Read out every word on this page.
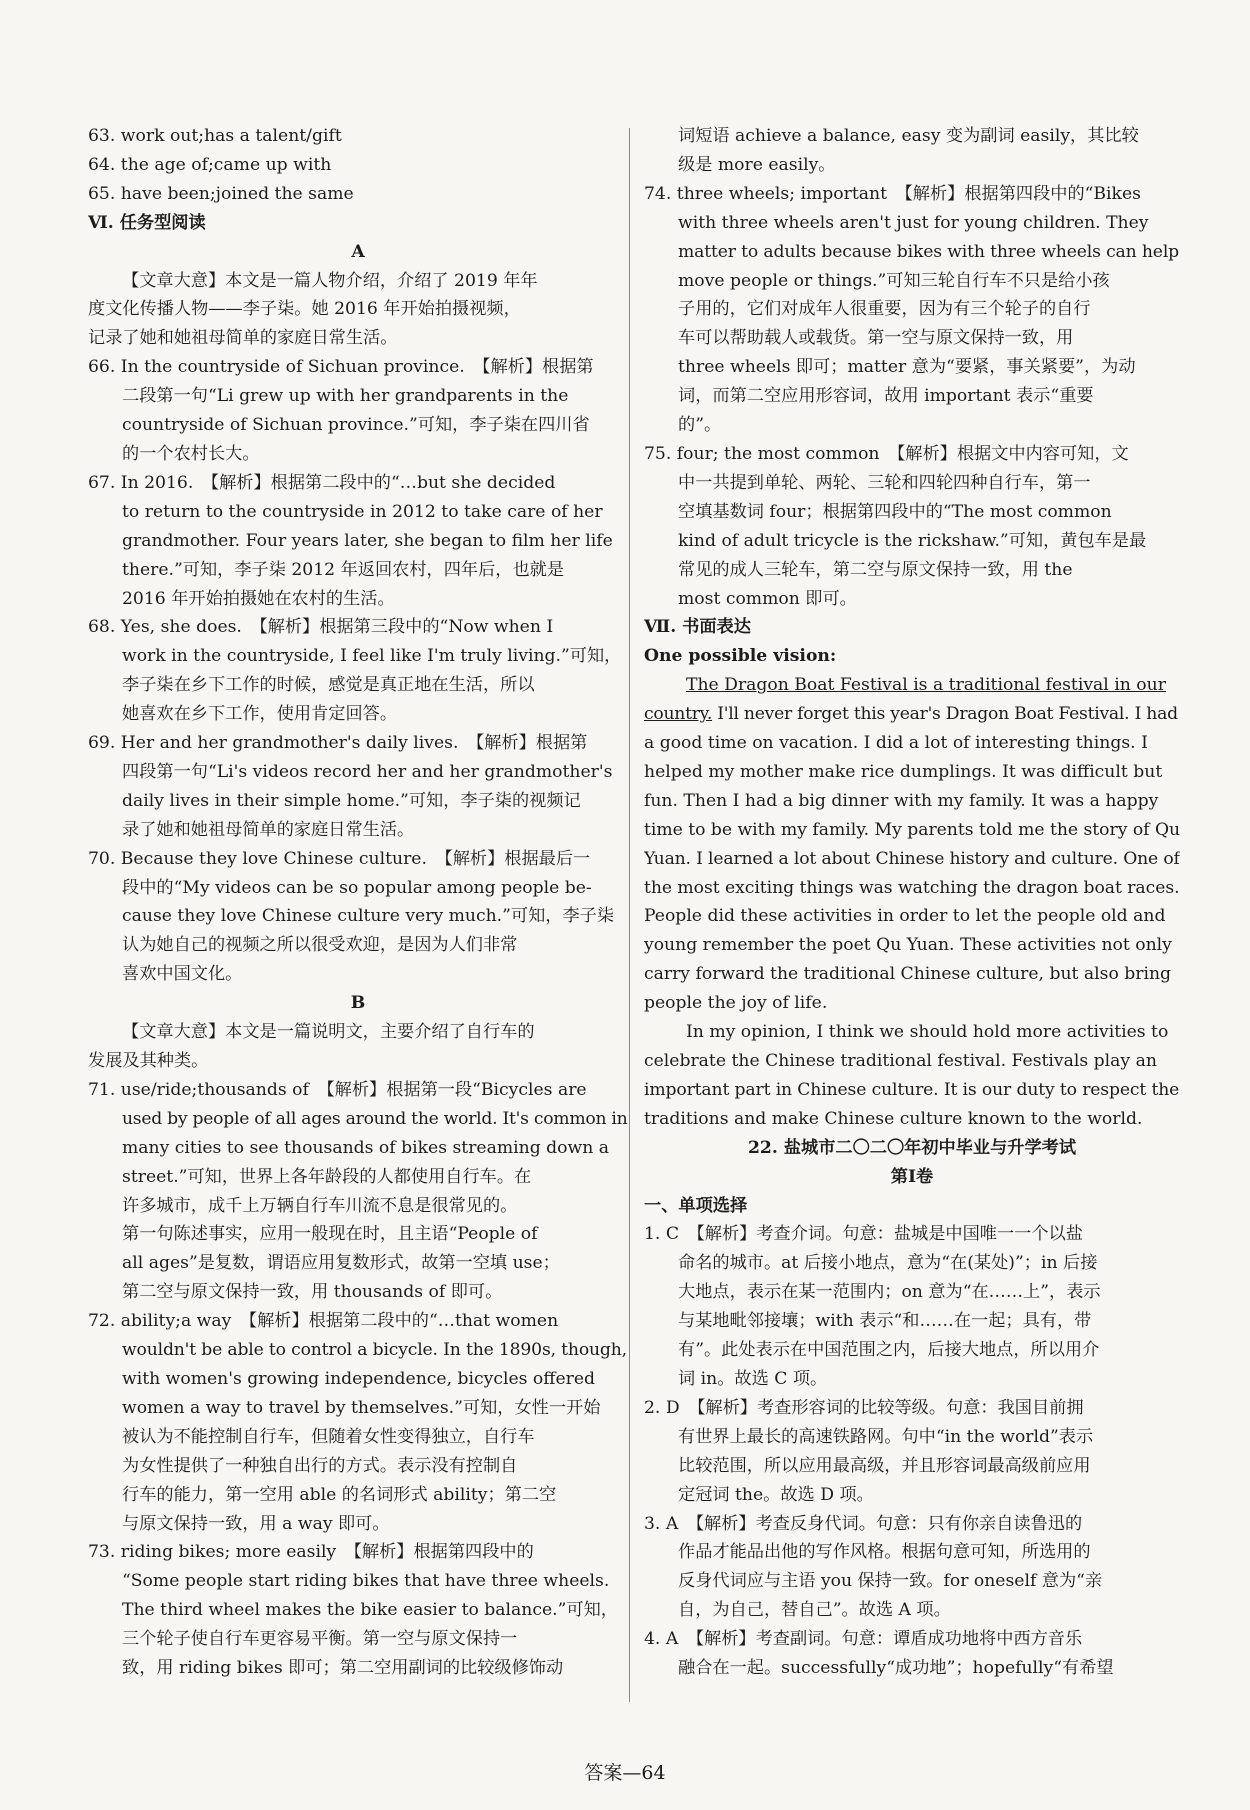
63. work out;has a talent/gift
64. the age of;came up with
65. have been;joined the same
Ⅵ. 任务型阅读
A
【文章大意】本文是一篇人物介绍，介绍了 2019 年年
度文化传播人物——李子柒。她 2016 年开始拍摄视频，
记录了她和她祖母简单的家庭日常生活。
66. In the countryside of Sichuan province.　【解析】根据第
二段第一句“Li grew up with her grandparents in the
countryside of Sichuan province.”可知，李子柒在四川省
的一个农村长大。
67. In 2016.　【解析】根据第二段中的“…but she decided
to return to the countryside in 2012 to take care of her
grandmother. Four years later, she began to film her life
there.”可知，李子柒 2012 年返回农村，四年后，也就是
2016 年开始拍摄她在农村的生活。
68. Yes, she does.　【解析】根据第三段中的“Now when I
work in the countryside, I feel like I'm truly living.”可知，
李子柒在乡下工作的时候，感觉是真正地在生活，所以
她喜欢在乡下工作，使用肯定回答。
69. Her and her grandmother's daily lives.　【解析】根据第
四段第一句“Li's videos record her and her grandmother's
daily lives in their simple home.”可知，李子柒的视频记
录了她和她祖母简单的家庭日常生活。
70. Because they love Chinese culture.　【解析】根据最后一
段中的“My videos can be so popular among people be-
cause they love Chinese culture very much.”可知，李子柒
认为她自己的视频之所以很受欢迎，是因为人们非常
喜欢中国文化。
B
【文章大意】本文是一篇说明文，主要介绍了自行车的
发展及其种类。
71. use/ride;thousands of　【解析】根据第一段“Bicycles are
used by people of all ages around the world. It's common in
many cities to see thousands of bikes streaming down a
street.”可知，世界上各年龄段的人都使用自行车。在
许多城市，成千上万辆自行车川流不息是很常见的。
第一句陈述事实，应用一般现在时，且主语“People of
all ages”是复数，谓语应用复数形式，故第一空填 use；
第二空与原文保持一致，用 thousands of 即可。
72. ability;a way　【解析】根据第二段中的“…that women
wouldn't be able to control a bicycle. In the 1890s, though,
with women's growing independence, bicycles offered
women a way to travel by themselves.”可知，女性一开始
被认为不能控制自行车，但随着女性变得独立，自行车
为女性提供了一种独自出行的方式。表示没有控制自
行车的能力，第一空用 able 的名词形式 ability；第二空
与原文保持一致，用 a way 即可。
73. riding bikes; more easily　【解析】根据第四段中的
“Some people start riding bikes that have three wheels.
The third wheel makes the bike easier to balance.”可知，
三个轮子使自行车更容易平衡。第一空与原文保持一
致，用 riding bikes 即可；第二空用副词的比较级修饰动
词短语 achieve a balance, easy 变为副词 easily，其比较
级是 more easily。
74. three wheels; important　【解析】根据第四段中的“Bikes
with three wheels aren't just for young children. They
matter to adults because bikes with three wheels can help
move people or things.”可知三轮自行车不只是给小孩
子用的，它们对成年人很重要，因为有三个轮子的自行
车可以帮助载人或载货。第一空与原文保持一致，用
three wheels 即可；matter 意为“要紧，事关紧要”，为动
词，而第二空应用形容词，故用 important 表示“重要
的”。
75. four; the most common　【解析】根据文中内容可知，文
中一共提到单轮、两轮、三轮和四轮四种自行车，第一
空填基数词 four；根据第四段中的“The most common
kind of adult tricycle is the rickshaw.”可知，黄包车是最
常见的成人三轮车，第二空与原文保持一致，用 the
most common 即可。
Ⅶ. 书面表达
One possible vision:
The Dragon Boat Festival is a traditional festival in our
country. I'll never forget this year's Dragon Boat Festival. I had
a good time on vacation. I did a lot of interesting things. I
helped my mother make rice dumplings. It was difficult but
fun. Then I had a big dinner with my family. It was a happy
time to be with my family. My parents told me the story of Qu
Yuan. I learned a lot about Chinese history and culture. One of
the most exciting things was watching the dragon boat races.
People did these activities in order to let the people old and
young remember the poet Qu Yuan. These activities not only
carry forward the traditional Chinese culture, but also bring
people the joy of life.
In my opinion, I think we should hold more activities to
celebrate the Chinese traditional festival. Festivals play an
important part in Chinese culture. It is our duty to respect the
traditions and make Chinese culture known to the world.
22. 盐城市二〇二〇年初中毕业与升学考试
第Ⅰ卷
一、单项选择
1. C　【解析】考查介词。句意：盐城是中国唯一一个以盐
命名的城市。at 后接小地点，意为“在(某处)”；in 后接
大地点，表示在某一范围内；on 意为“在……上”，表示
与某地毗邻接壤；with 表示“和……在一起；具有，带
有”。此处表示在中国范围之内，后接大地点，所以用介
词 in。故选 C 项。
2. D　【解析】考查形容词的比较等级。句意：我国目前拥
有世界上最长的高速铁路网。句中“in the world”表示
比较范围，所以应用最高级，并且形容词最高级前应用
定冠词 the。故选 D 项。
3. A　【解析】考查反身代词。句意：只有你亲自读鲁迅的
作品才能品出他的写作风格。根据句意可知，所选用的
反身代词应与主语 you 保持一致。for oneself 意为“亲
自，为自己，替自己”。故选 A 项。
4. A　【解析】考查副词。句意：谭盾成功地将中西方音乐
融合在一起。successfully“成功地”；hopefully“有希望
答案—64
